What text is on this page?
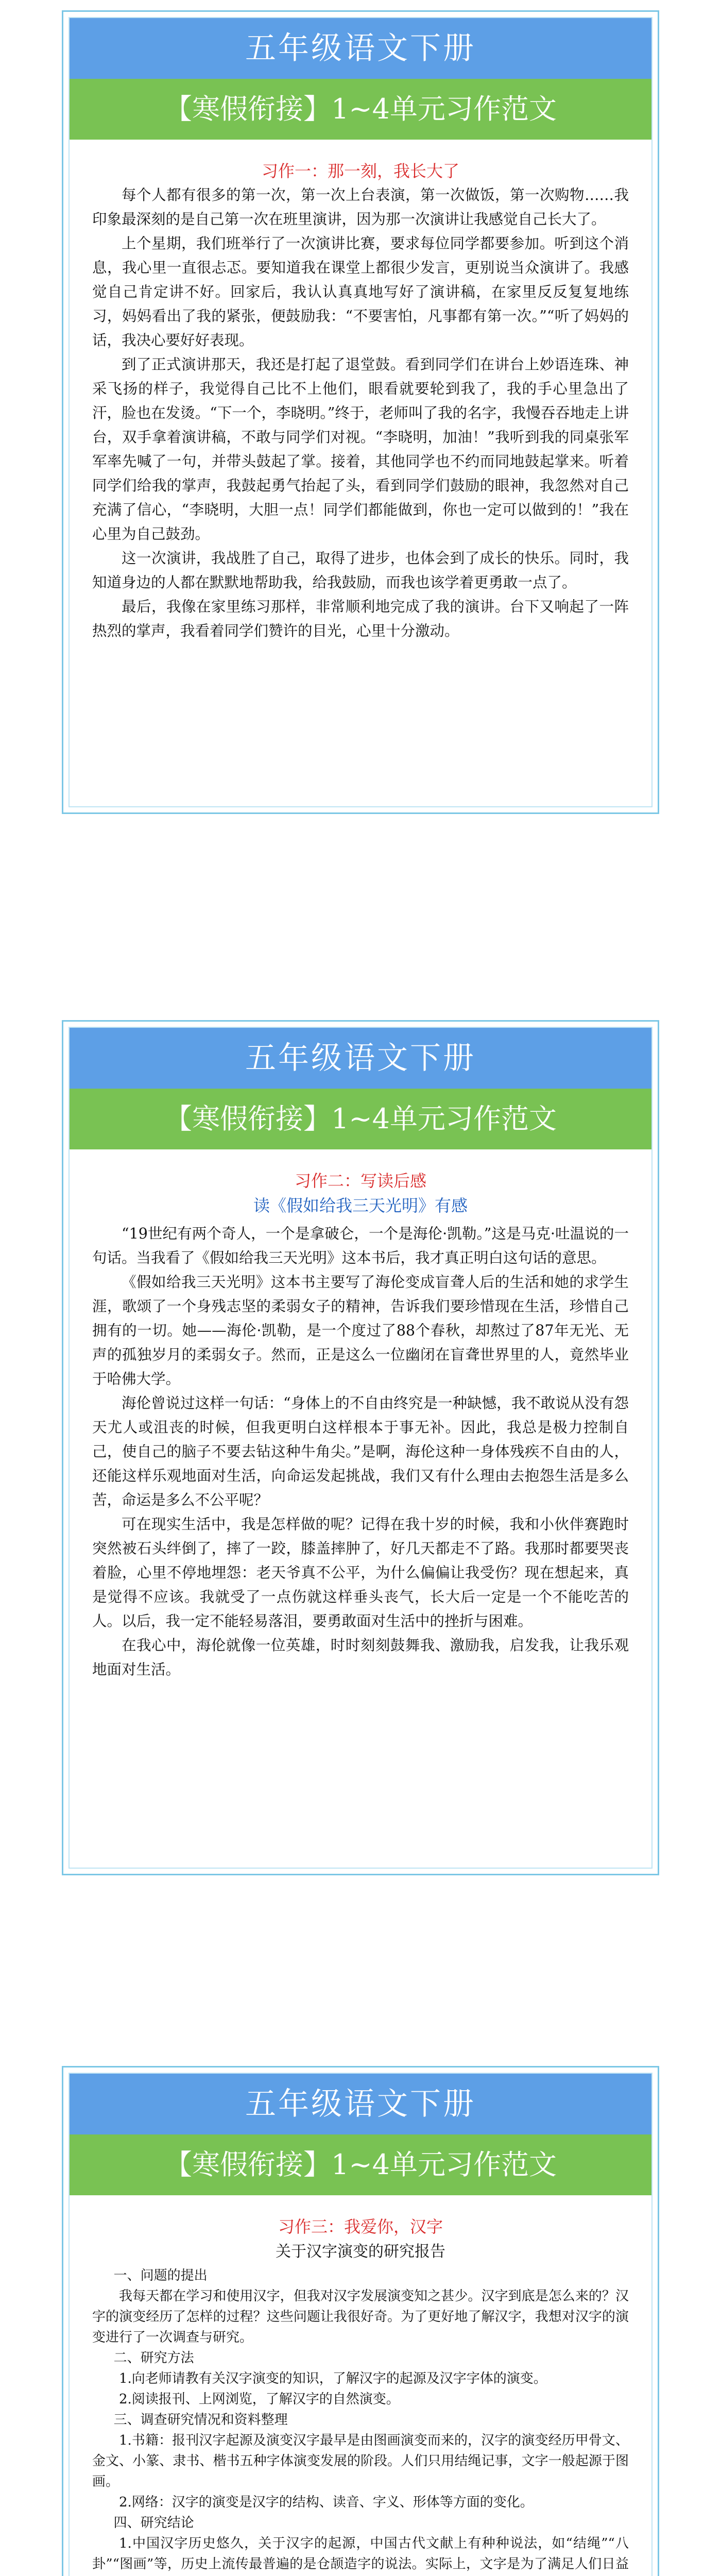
五年级语文下册
【寒假衔接】1~4单元习作范文
习作一：那一刻，我长大了

每个人都有很多的第一次，第一次上台表演，第一次做饭，第一次购物……我印象最深刻的是自己第一次在班里演讲，因为那一次演讲让我感觉自己长大了。

上个星期，我们班举行了一次演讲比赛，要求每位同学都要参加。听到这个消息，我心里一直很忐忑。要知道我在课堂上都很少发言，更别说当众演讲了。我感觉自己肯定讲不好。回家后，我认认真真地写好了演讲稿，在家里反反复复地练习，妈妈看出了我的紧张，便鼓励我：“不要害怕，凡事都有第一次。”“听了妈妈的话，我决心要好好表现。

到了正式演讲那天，我还是打起了退堂鼓。看到同学们在讲台上妙语连珠、神采飞扬的样子，我觉得自己比不上他们，眼看就要轮到我了，我的手心里急出了汗，脸也在发烫。“下一个，李晓明。”终于，老师叫了我的名字，我慢吞吞地走上讲台，双手拿着演讲稿，不敢与同学们对视。“李晓明，加油！”我听到我的同桌张军军率先喊了一句，并带头鼓起了掌。接着，其他同学也不约而同地鼓起掌来。听着同学们给我的掌声，我鼓起勇气抬起了头，看到同学们鼓励的眼神，我忽然对自己充满了信心，“李晓明，大胆一点！同学们都能做到，你也一定可以做到的！”我在心里为自己鼓劲。

这一次演讲，我战胜了自己，取得了进步，也体会到了成长的快乐。同时，我知道身边的人都在默默地帮助我，给我鼓励，而我也该学着更勇敢一点了。

最后，我像在家里练习那样，非常顺利地完成了我的演讲。台下又响起了一阵热烈的掌声，我看着同学们赞许的目光，心里十分激动。

五年级语文下册
【寒假衔接】1~4单元习作范文
习作二：写读后感
读《假如给我三天光明》有感

“19世纪有两个奇人，一个是拿破仑，一个是海伦·凯勒。”这是马克·吐温说的一句话。当我看了《假如给我三天光明》这本书后，我才真正明白这句话的意思。

《假如给我三天光明》这本书主要写了海伦变成盲聋人后的生活和她的求学生涯，歌颂了一个身残志坚的柔弱女子的精神，告诉我们要珍惜现在生活，珍惜自己拥有的一切。她——海伦·凯勒，是一个度过了88个春秋，却熬过了87年无光、无声的孤独岁月的柔弱女子。然而，正是这么一位幽闭在盲聋世界里的人，竟然毕业于哈佛大学。

海伦曾说过这样一句话：“身体上的不自由终究是一种缺憾，我不敢说从没有怨天尤人或沮丧的时候，但我更明白这样根本于事无补。因此，我总是极力控制自己，使自己的脑子不要去钻这种牛角尖。”是啊，海伦这种一身体残疾不自由的人，还能这样乐观地面对生活，向命运发起挑战，我们又有什么理由去抱怨生活是多么苦，命运是多么不公平呢？

可在现实生活中，我是怎样做的呢？记得在我十岁的时候，我和小伙伴赛跑时突然被石头绊倒了，摔了一跤，膝盖摔肿了，好几天都走不了路。我那时都要哭丧着脸，心里不停地埋怨：老天爷真不公平，为什么偏偏让我受伤？现在想起来，真是觉得不应该。我就受了一点伤就这样垂头丧气，长大后一定是一个不能吃苦的人。以后，我一定不能轻易落泪，要勇敢面对生活中的挫折与困难。

在我心中，海伦就像一位英雄，时时刻刻鼓舞我、激励我，启发我，让我乐观地面对生活。

五年级语文下册
【寒假衔接】1~4单元习作范文
习作三：我爱你，汉字
关于汉字演变的研究报告
一、问题的提出

我每天都在学习和使用汉字，但我对汉字发展演变知之甚少。汉字到底是怎么来的？汉字的演变经历了怎样的过程？这些问题让我很好奇。为了更好地了解汉字，我想对汉字的演变进行了一次调查与研究。

二、研究方法

1.向老师请教有关汉字演变的知识，了解汉字的起源及汉字字体的演变。

2.阅读报刊、上网浏览，了解汉字的自然演变。

三、调查研究情况和资料整理

1.书籍：报刊汉字起源及演变汉字最早是由图画演变而来的，汉字的演变经历甲骨文、金文、小篆、隶书、楷书五种字体演变发展的阶段。人们只用结绳记事，文字一般起源于图画。

2.网络：汉字的演变是汉字的结构、读音、字义、形体等方面的变化。

四、研究结论

1.中国汉字历史悠久，关于汉字的起源，中国古代文献上有种种说法，如“结绳”“八卦”“图画”等，历史上流传最普遍的是仓颉造字的说法。实际上，文字是为了满足人们日益
